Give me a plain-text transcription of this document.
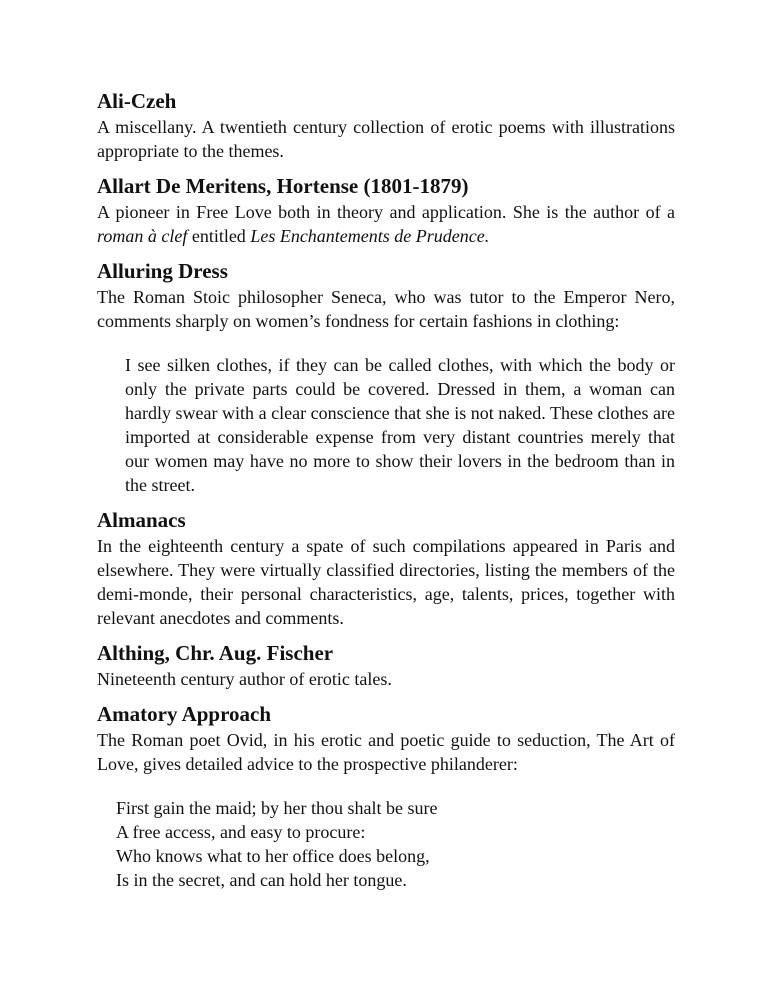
Ali-Czeh

A miscellany. A twentieth century collection of erotic poems with illustrations appropriate to the themes.

Allart De Meritens, Hortense (1801-1879)

A pioneer in Free Love both in theory and application. She is the author of a roman à clef entitled Les Enchantements de Prudence.

Alluring Dress

The Roman Stoic philosopher Seneca, who was tutor to the Emperor Nero, comments sharply on women’s fondness for certain fashions in clothing:

I see silken clothes, if they can be called clothes, with which the body or only the private parts could be covered. Dressed in them, a woman can hardly swear with a clear conscience that she is not naked. These clothes are imported at considerable expense from very distant countries merely that our women may have no more to show their lovers in the bedroom than in the street.

Almanacs

In the eighteenth century a spate of such compilations appeared in Paris and elsewhere. They were virtually classified directories, listing the members of the demi-monde, their personal characteristics, age, talents, prices, together with relevant anecdotes and comments.

Althing, Chr. Aug. Fischer

Nineteenth century author of erotic tales.

Amatory Approach

The Roman poet Ovid, in his erotic and poetic guide to seduction, The Art of Love, gives detailed advice to the prospective philanderer:

First gain the maid; by her thou shalt be sure
A free access, and easy to procure:
Who knows what to her office does belong,
Is in the secret, and can hold her tongue.
